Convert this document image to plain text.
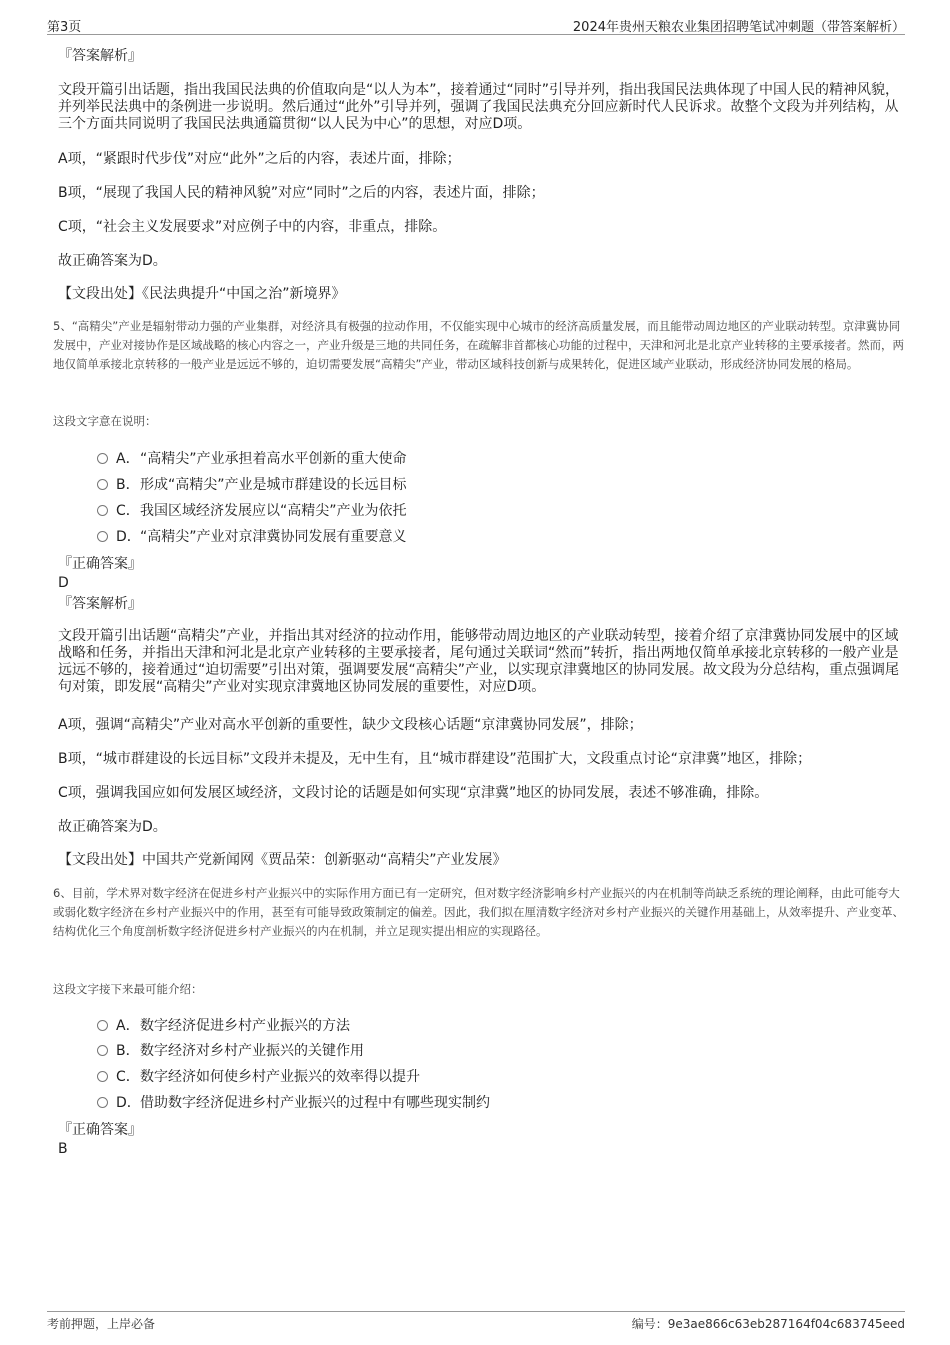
第3页	2024年贵州天粮农业集团招聘笔试冲刺题（带答案解析）
『答案解析』
文段开篇引出话题，指出我国民法典的价值取向是“以人为本”，接着通过“同时”引导并列，指出我国民法典体现了中国人民的精神风貌，并列举民法典中的条例进一步说明。然后通过“此外”引导并列，强调了我国民法典充分回应新时代人民诉求。故整个文段为并列结构，从三个方面共同说明了我国民法典通篇贯彻“以人民为中心”的思想，对应D项。
A项，“紧跟时代步伐”对应“此外”之后的内容，表述片面，排除；
B项，“展现了我国人民的精神风貌”对应“同时”之后的内容，表述片面，排除；
C项，“社会主义发展要求”对应例子中的内容，非重点，排除。
故正确答案为D。
【文段出处】《民法典提升“中国之治”新境界》
5、“高精尖”产业是辐射带动力强的产业集群，对经济具有极强的拉动作用，不仅能实现中心城市的经济高质量发展，而且能带动周边地区的产业联动转型。京津冀协同发展中，产业对接协作是区域战略的核心内容之一，产业升级是三地的共同任务，在疏解非首都核心功能的过程中，天津和河北是北京产业转移的主要承接者。然而，两地仅简单承接北京转移的一般产业是远远不够的，迫切需要发展“高精尖”产业，带动区域科技创新与成果转化，促进区域产业联动，形成经济协同发展的格局。
这段文字意在说明：
A．“高精尖”产业承担着高水平创新的重大使命
B．形成“高精尖”产业是城市群建设的长远目标
C．我国区域经济发展应以“高精尖”产业为依托
D．“高精尖”产业对京津冀协同发展有重要意义
『正确答案』
D
『答案解析』
文段开篇引出话题“高精尖”产业，并指出其对经济的拉动作用，能够带动周边地区的产业联动转型，接着介绍了京津冀协同发展中的区域战略和任务，并指出天津和河北是北京产业转移的主要承接者，尾句通过关联词“然而”转折，指出两地仅简单承接北京转移的一般产业是远远不够的，接着通过“迫切需要”引出对策，强调要发展“高精尖”产业，以实现京津冀地区的协同发展。故文段为分总结构，重点强调尾句对策，即发展“高精尖”产业对实现京津冀地区协同发展的重要性，对应D项。
A项，强调“高精尖”产业对高水平创新的重要性，缺少文段核心话题“京津冀协同发展”，排除；
B项，“城市群建设的长远目标”文段并未提及，无中生有，且“城市群建设”范围扩大，文段重点讨论“京津冀”地区，排除；
C项，强调我国应如何发展区域经济，文段讨论的话题是如何实现“京津冀”地区的协同发展，表述不够准确，排除。
故正确答案为D。
【文段出处】中国共产党新闻网《贾品荣：创新驱动“高精尖”产业发展》
6、目前，学术界对数字经济在促进乡村产业振兴中的实际作用方面已有一定研究，但对数字经济影响乡村产业振兴的内在机制等尚缺乏系统的理论阐释，由此可能夸大或弱化数字经济在乡村产业振兴中的作用，甚至有可能导致政策制定的偏差。因此，我们拟在厘清数字经济对乡村产业振兴的关键作用基础上，从效率提升、产业变革、结构优化三个角度剖析数字经济促进乡村产业振兴的内在机制，并立足现实提出相应的实现路径。
这段文字接下来最可能介绍：
A．数字经济促进乡村产业振兴的方法
B．数字经济对乡村产业振兴的关键作用
C．数字经济如何使乡村产业振兴的效率得以提升
D．借助数字经济促进乡村产业振兴的过程中有哪些现实制约
『正确答案』
B
考前押题，上岸必备	编号：9e3ae866c63eb287164f04c683745eed
